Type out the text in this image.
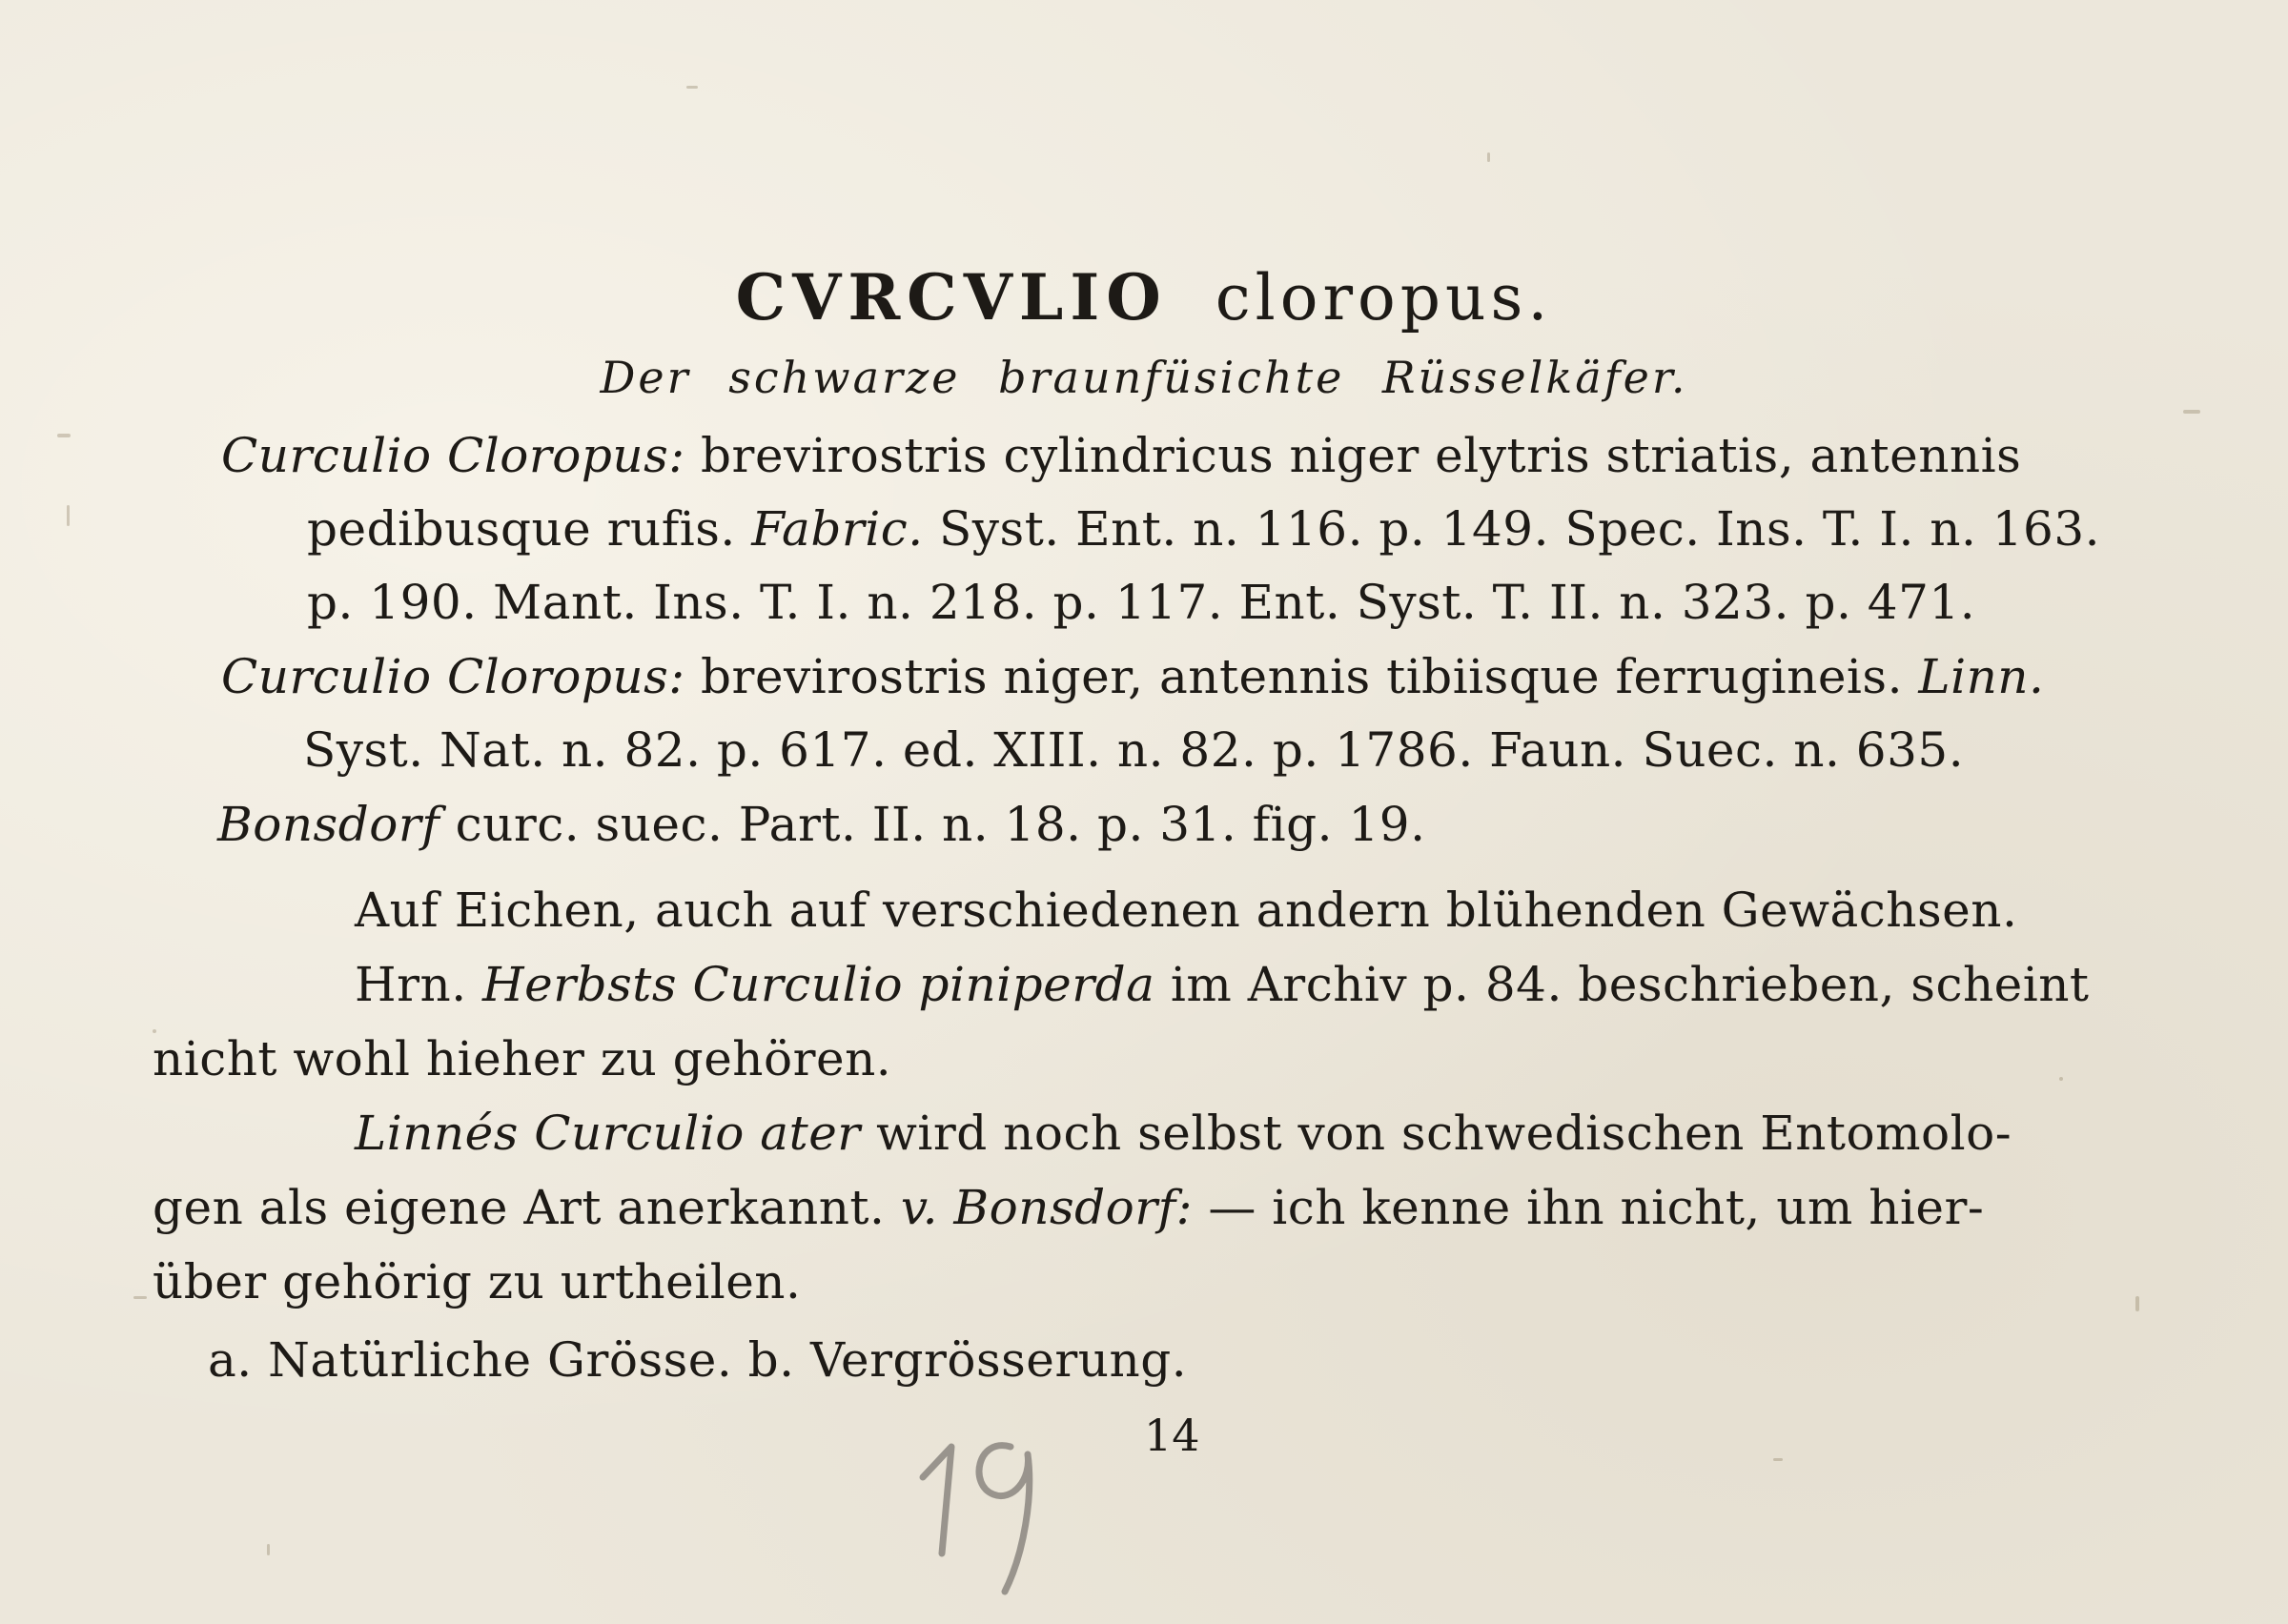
CVRCVLIO cloropus.
Der schwarze braunfüsichte Rüsselkäfer.
Curculio Cloropus: brevirostris cylindricus niger elytris striatis, antennis
pedibusque rufis. Fabric. Syst. Ent. n. 116. p. 149. Spec. Ins. T. I. n. 163.
p. 190. Mant. Ins. T. I. n. 218. p. 117. Ent. Syst. T. II. n. 323. p. 471.
Curculio Cloropus: brevirostris niger, antennis tibiisque ferrugineis. Linn.
Syst. Nat. n. 82. p. 617. ed. XIII. n. 82. p. 1786. Faun. Suec. n. 635.
Bonsdorf curc. suec. Part. II. n. 18. p. 31. fig. 19.
Auf Eichen, auch auf verschiedenen andern blühenden Gewächsen.
Hrn. Herbsts Curculio piniperda im Archiv p. 84. beschrieben, scheint
nicht wohl hieher zu gehören.
Linnés Curculio ater wird noch selbst von schwedischen Entomolo-
gen als eigene Art anerkannt. v. Bonsdorf: — ich kenne ihn nicht, um hier-
über gehörig zu urtheilen.
a. Natürliche Grösse. b. Vergrösserung.
14
